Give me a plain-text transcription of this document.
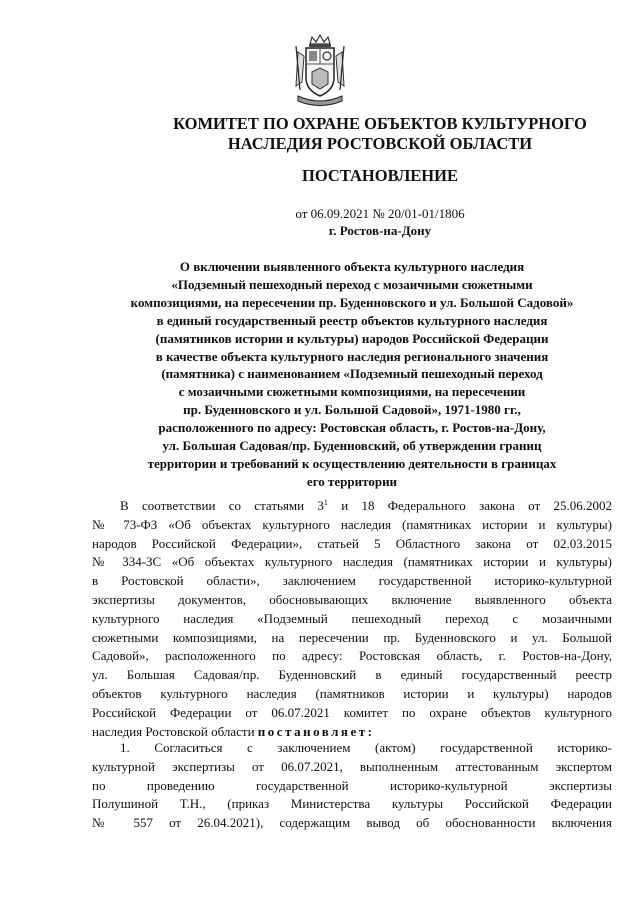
КОМИТЕТ ПО ОХРАНЕ ОБЪЕКТОВ КУЛЬТУРНОГО
НАСЛЕДИЯ РОСТОВСКОЙ ОБЛАСТИ
ПОСТАНОВЛЕНИЕ
от 06.09.2021 № 20/01-01/1806
г. Ростов-на-Дону
О включении выявленного объекта культурного наследия
«Подземный пешеходный переход с мозаичными сюжетными
композициями, на пересечении пр. Буденновского и ул. Большой Садовой»
в единый государственный реестр объектов культурного наследия
(памятников истории и культуры) народов Российской Федерации
в качестве объекта культурного наследия регионального значения
(памятника) с наименованием «Подземный пешеходный переход
с мозаичными сюжетными композициями, на пересечении
пр. Буденновского и ул. Большой Садовой», 1971-1980 гг.,
расположенного по адресу: Ростовская область, г. Ростов-на-Дону,
ул. Большая Садовая/пр. Буденновский, об утверждении границ
территории и требований к осуществлению деятельности в границах
его территории
В соответствии со статьями $3^1$ и 18 Федерального закона от 25.06.2002
№ 73-ФЗ «Об объектах культурного наследия (памятниках истории и культуры)
народов Российской Федерации», статьей 5 Областного закона от 02.03.2015
№ 334-ЗС «Об объектах культурного наследия (памятниках истории и культуры)
в Ростовской области», заключением государственной историко-культурной
экспертизы документов, обосновывающих включение выявленного объекта
культурного наследия «Подземный пешеходный переход с мозаичными
сюжетными композициями, на пересечении пр. Буденновского и ул. Большой
Садовой», расположенного по адресу: Ростовская область, г. Ростов-на-Дону,
ул. Большая Садовая/пр. Буденновский в единый государственный реестр
объектов культурного наследия (памятников истории и культуры) народов
Российской Федерации от 06.07.2021 комитет по охране объектов культурного
наследия Ростовской области постановляет:
1. Согласиться с заключением (актом) государственной историко-
культурной экспертизы от 06.07.2021, выполненным аттестованным экспертом
по проведению государственной историко-культурной экспертизы
Полушиной Т.Н., (приказ Министерства культуры Российской Федерации
№ 557 от 26.04.2021), содержащим вывод об обоснованности включения
